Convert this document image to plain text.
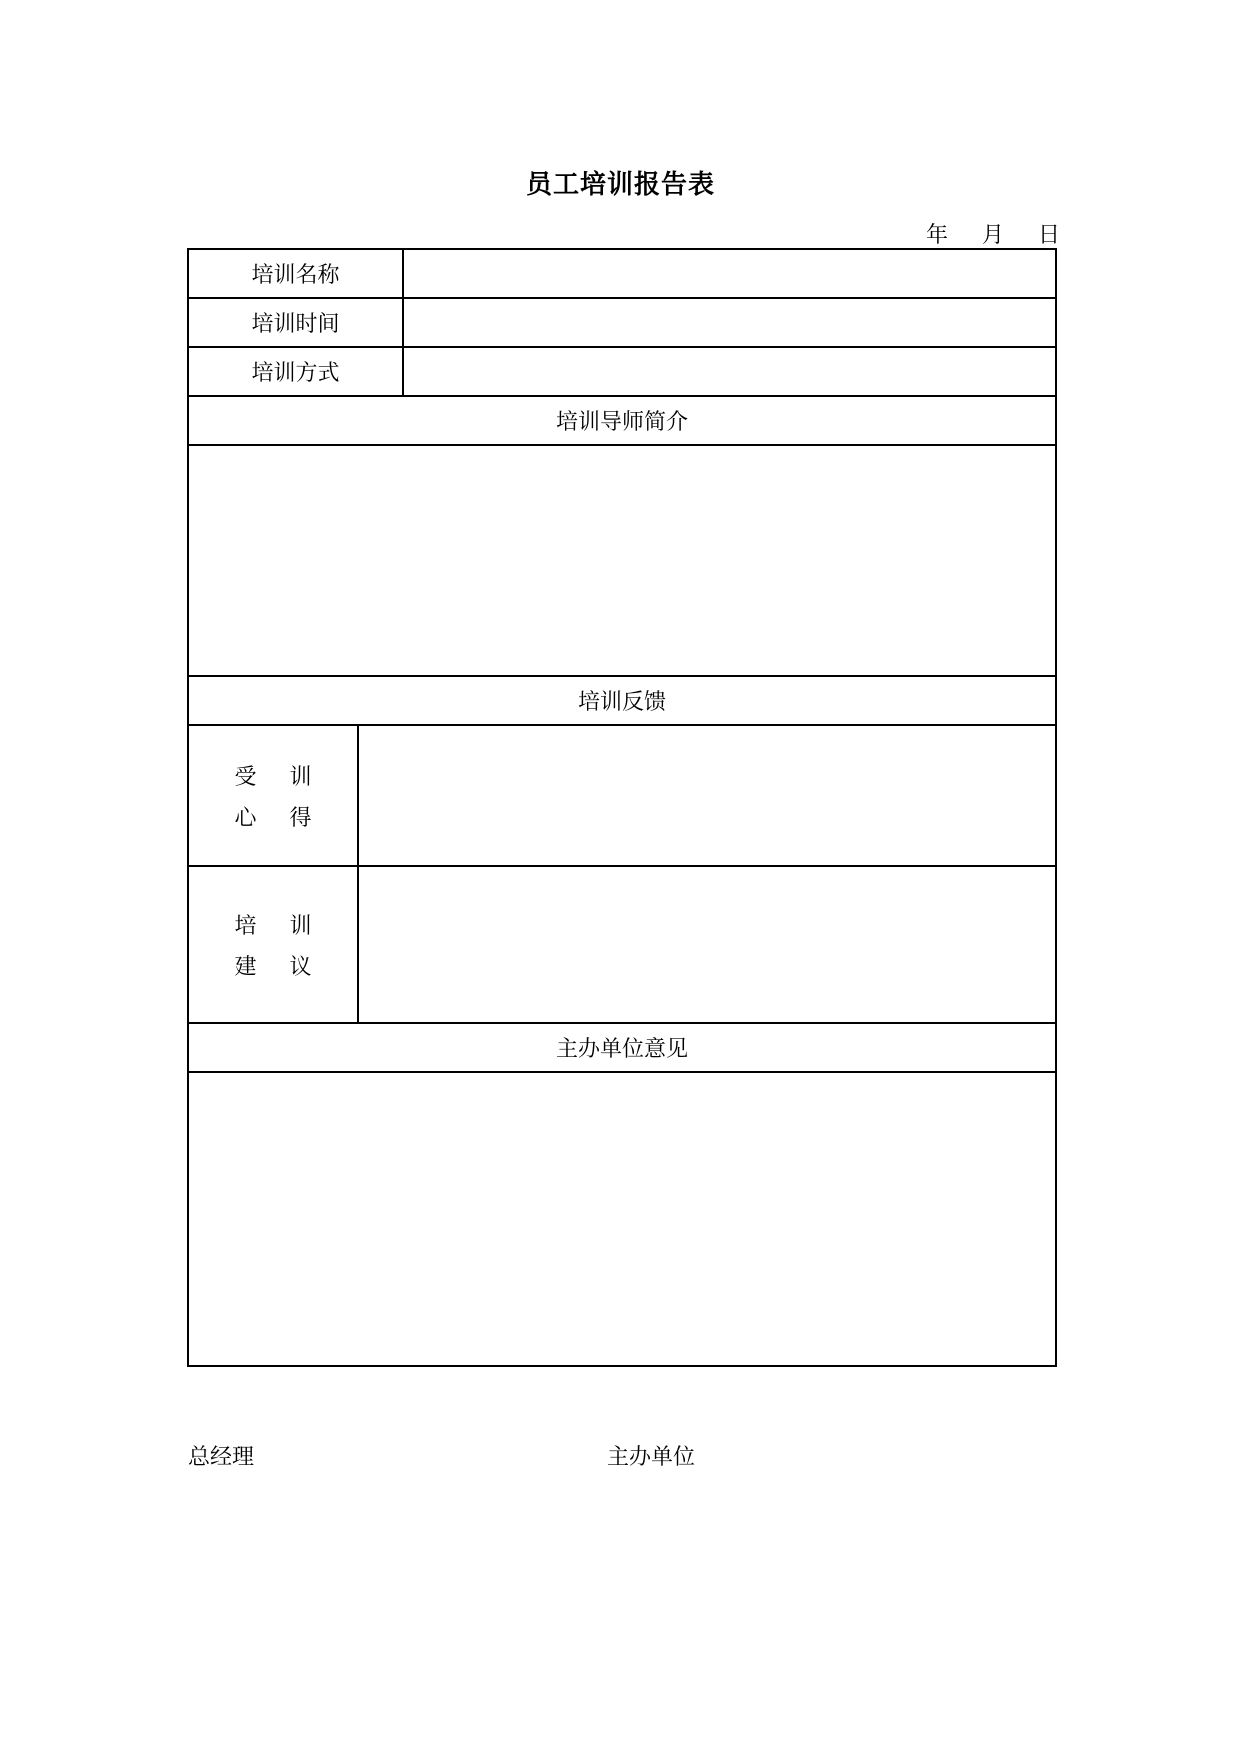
员工培训报告表
年 月 日
培训名称		
培训时间		
培训方式		
培训导师简介		

培训反馈		

受 训
心 得		

培 训
建 议		

主办单位意见		

总经理	主办单位
